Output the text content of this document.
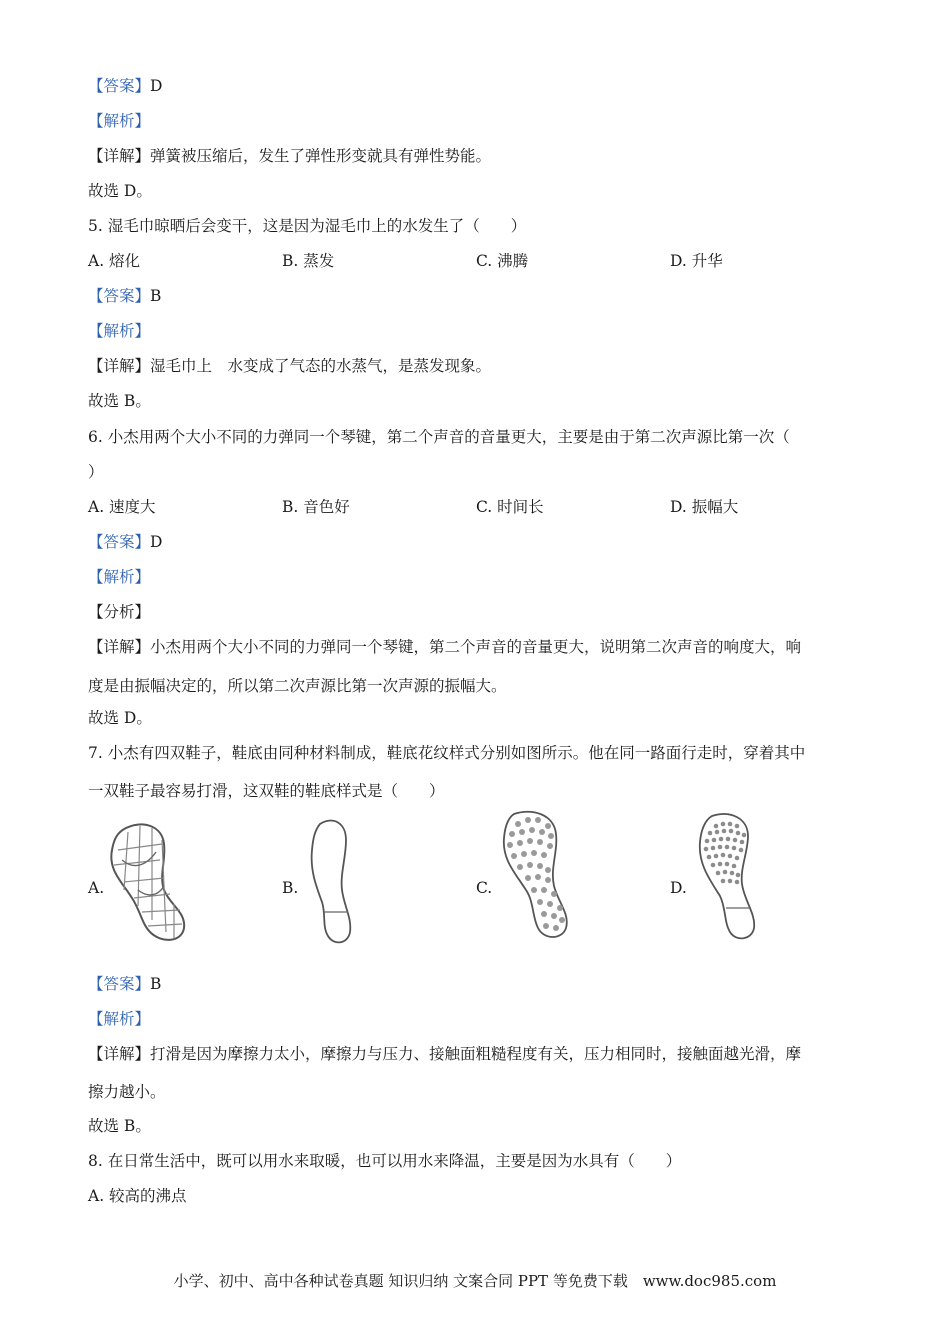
【答案】D
【解析】
【详解】弹簧被压缩后，发生了弹性形变就具有弹性势能。
故选 D。
5. 湿毛巾晾晒后会变干，这是因为湿毛巾上的水发生了（　　）
A. 熔化	B. 蒸发	C. 沸腾	D. 升华
【答案】B
【解析】
【详解】湿毛巾上　水变成了气态的水蒸气，是蒸发现象。
故选 B。
6. 小杰用两个大小不同的力弹同一个琴键，第二个声音的音量更大，主要是由于第二次声源比第一次（
）
A. 速度大	B. 音色好	C. 时间长	D. 振幅大
【答案】D
【解析】
【分析】
【详解】小杰用两个大小不同的力弹同一个琴键，第二个声音的音量更大，说明第二次声音的响度大，响
度是由振幅决定的，所以第二次声源比第一次声源的振幅大。
故选 D。
7. 小杰有四双鞋子，鞋底由同种材料制成，鞋底花纹样式分别如图所示。他在同一路面行走时，穿着其中
一双鞋子最容易打滑，这双鞋的鞋底样式是（　　）
A.	B.	C.	D.
【答案】B
【解析】
【详解】打滑是因为摩擦力太小，摩擦力与压力、接触面粗糙程度有关，压力相同时，接触面越光滑，摩
擦力越小。
故选 B。
8. 在日常生活中，既可以用水来取暖，也可以用水来降温，主要是因为水具有（　　）
A. 较高的沸点
小学、初中、高中各种试卷真题 知识归纳 文案合同 PPT 等免费下载　www.doc985.com
